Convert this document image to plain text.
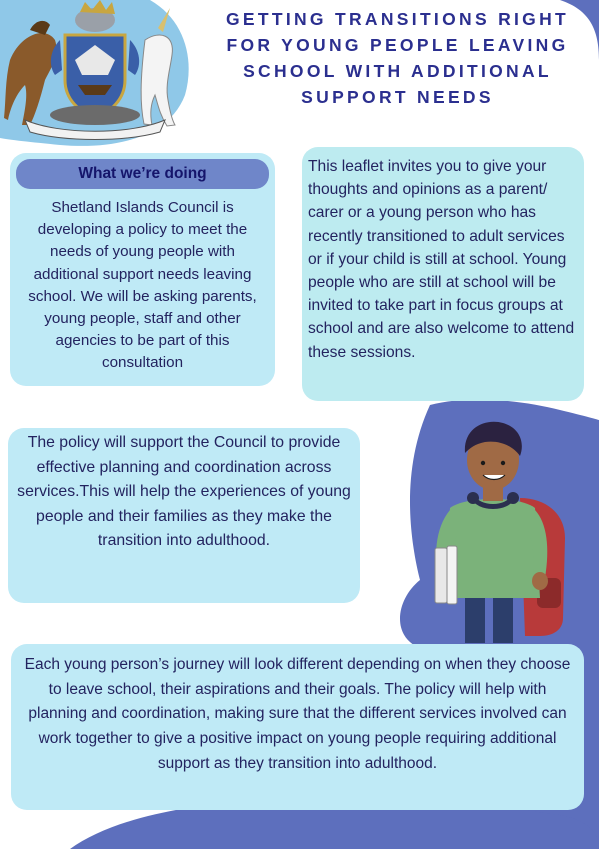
GETTING TRANSITIONS RIGHT
FOR YOUNG PEOPLE LEAVING
SCHOOL WITH ADDITIONAL
SUPPORT NEEDS
What we’re doing
Shetland Islands Council is developing a policy to meet the needs of young people with additional support needs leaving school. We will be asking parents, young people, staff and other agencies to be part of this consultation
This leaflet invites you to give your thoughts and opinions as a parent/ carer or a young person who has recently transitioned to adult services or if your child is still at school. Young people who are still at school will be invited to take part in focus groups at school and are also welcome to attend these sessions.
The policy will support the Council to provide effective planning and coordination across services.This will help the experiences of young people and their families as they make the transition into adulthood.
Each young person’s journey will look different depending on when they choose to leave school, their aspirations and their goals. The policy will help with planning and coordination, making sure that the different services involved can work together to give a positive impact on young people requiring additional support as they transition into adulthood.
